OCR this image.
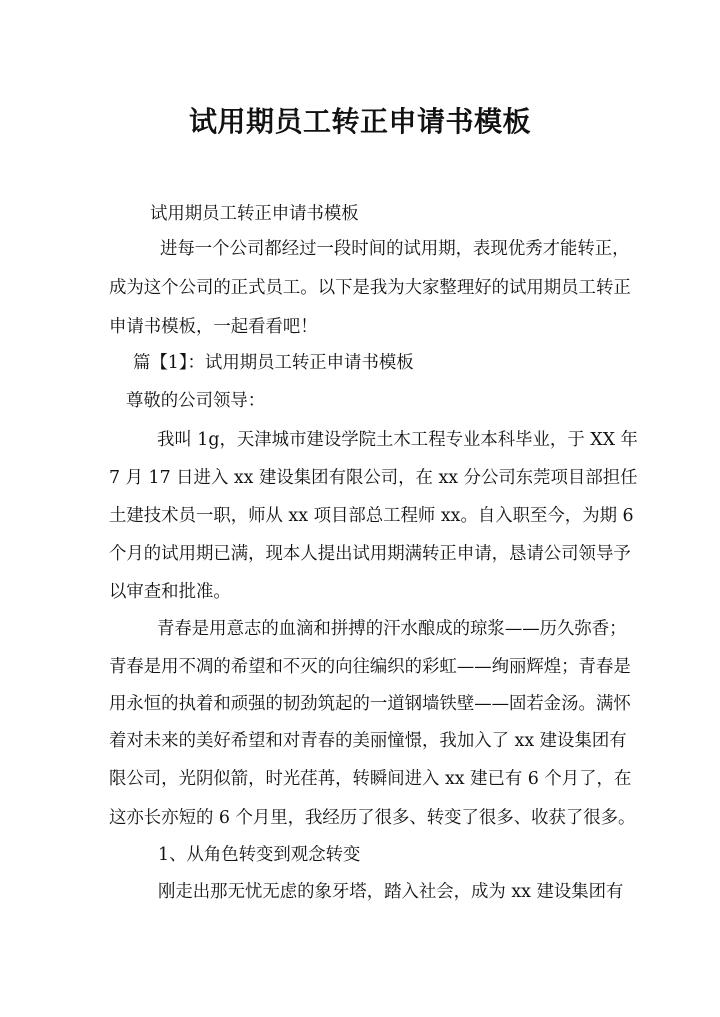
试用期员工转正申请书模板
试用期员工转正申请书模板
进每一个公司都经过一段时间的试用期，表现优秀才能转正，
成为这个公司的正式员工。以下是我为大家整理好的试用期员工转正
申请书模板，一起看看吧！
篇【1】：试用期员工转正申请书模板
尊敬的公司领导：
我叫 1g，天津城市建设学院土木工程专业本科毕业，于 XX 年
7 月 17 日进入 xx 建设集团有限公司，在 xx 分公司东莞项目部担任
土建技术员一职，师从 xx 项目部总工程师 xx。自入职至今，为期 6
个月的试用期已满，现本人提出试用期满转正申请，恳请公司领导予
以审查和批准。
青春是用意志的血滴和拼搏的汗水酿成的琼浆——历久弥香；
青春是用不凋的希望和不灭的向往编织的彩虹——绚丽辉煌；青春是
用永恒的执着和顽强的韧劲筑起的一道钢墙铁壁——固若金汤。满怀
着对未来的美好希望和对青春的美丽憧憬，我加入了 xx 建设集团有
限公司，光阴似箭，时光荏苒，转瞬间进入 xx 建已有 6 个月了，在
这亦长亦短的 6 个月里，我经历了很多、转变了很多、收获了很多。
1、从角色转变到观念转变
刚走出那无忧无虑的象牙塔，踏入社会，成为 xx 建设集团有
